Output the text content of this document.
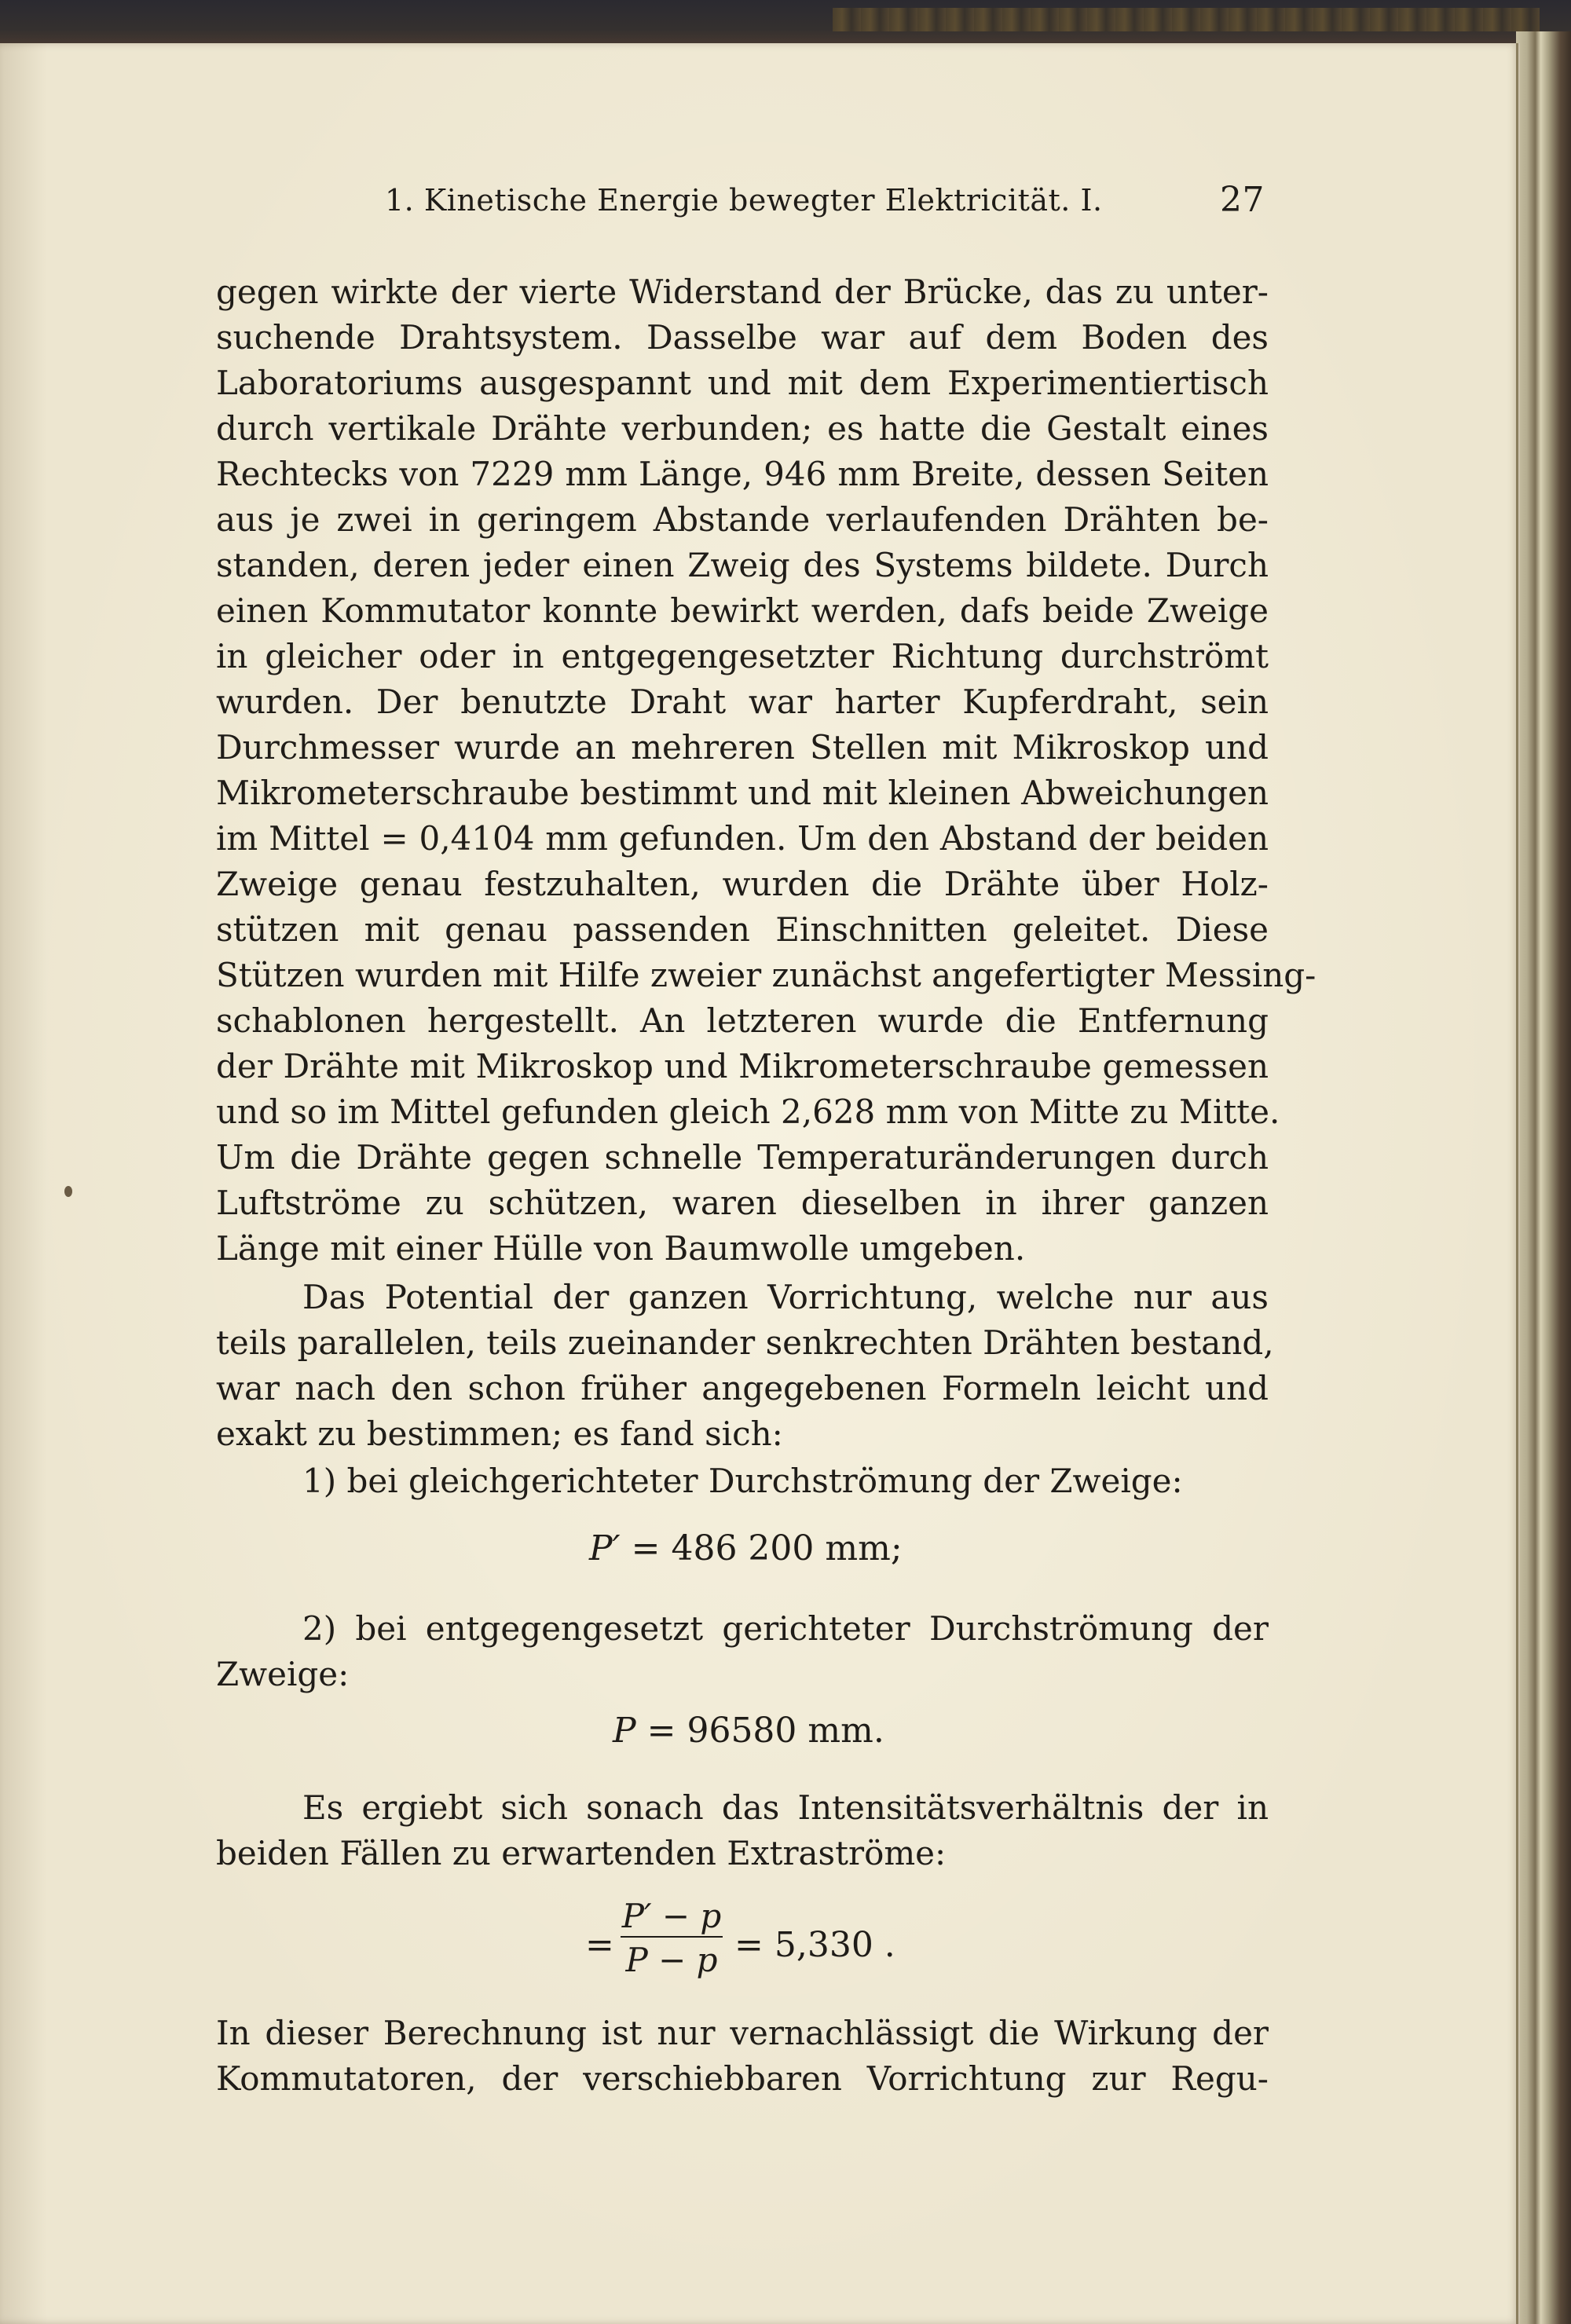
1. Kinetische Energie bewegter Elektricität. I.	27
gegen wirkte der vierte Widerstand der Brücke, das zu unter-
suchende Drahtsystem. Dasselbe war auf dem Boden des
Laboratoriums ausgespannt und mit dem Experimentiertisch
durch vertikale Drähte verbunden; es hatte die Gestalt eines
Rechtecks von 7229 mm Länge, 946 mm Breite, dessen Seiten
aus je zwei in geringem Abstande verlaufenden Drähten be-
standen, deren jeder einen Zweig des Systems bildete. Durch
einen Kommutator konnte bewirkt werden, dafs beide Zweige
in gleicher oder in entgegengesetzter Richtung durchströmt
wurden. Der benutzte Draht war harter Kupferdraht, sein
Durchmesser wurde an mehreren Stellen mit Mikroskop und
Mikrometerschraube bestimmt und mit kleinen Abweichungen
im Mittel = 0,4104 mm gefunden. Um den Abstand der beiden
Zweige genau festzuhalten, wurden die Drähte über Holz-
stützen mit genau passenden Einschnitten geleitet. Diese
Stützen wurden mit Hilfe zweier zunächst angefertigter Messing-
schablonen hergestellt. An letzteren wurde die Entfernung
der Drähte mit Mikroskop und Mikrometerschraube gemessen
und so im Mittel gefunden gleich 2,628 mm von Mitte zu Mitte.
Um die Drähte gegen schnelle Temperaturänderungen durch
Luftströme zu schützen, waren dieselben in ihrer ganzen
Länge mit einer Hülle von Baumwolle umgeben.
Das Potential der ganzen Vorrichtung, welche nur aus
teils parallelen, teils zueinander senkrechten Drähten bestand,
war nach den schon früher angegebenen Formeln leicht und
exakt zu bestimmen; es fand sich:
1) bei gleichgerichteter Durchströmung der Zweige:
P′ = 486 200 mm;
2) bei entgegengesetzt gerichteter Durchströmung der
Zweige:
P = 96580 mm.
Es ergiebt sich sonach das Intensitätsverhältnis der in
beiden Fällen zu erwartenden Extraströme:
=
P′ − p
P − p = 5,330 .
In dieser Berechnung ist nur vernachlässigt die Wirkung der
Kommutatoren, der verschiebbaren Vorrichtung zur Regu-
